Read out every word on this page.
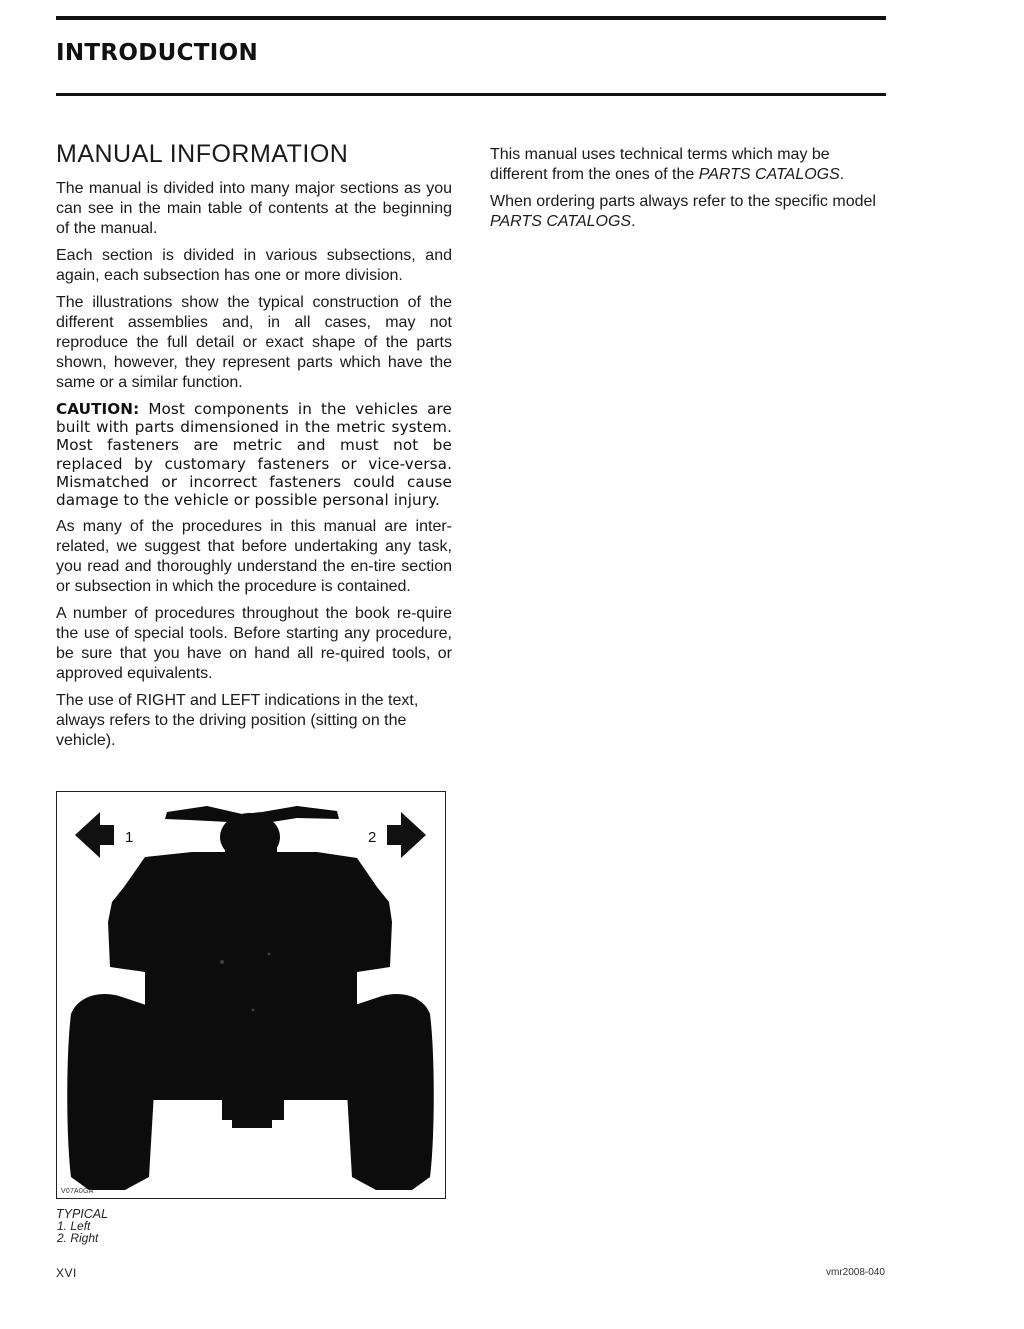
INTRODUCTION
MANUAL INFORMATION

The manual is divided into many major sections as you can see in the main table of contents at the beginning of the manual.

Each section is divided in various subsections, and again, each subsection has one or more division.

The illustrations show the typical construction of the different assemblies and, in all cases, may not reproduce the full detail or exact shape of the parts shown, however, they represent parts which have the same or a similar function.

CAUTION: Most components in the vehicles are built with parts dimensioned in the metric system. Most fasteners are metric and must not be replaced by customary fasteners or vice-versa. Mismatched or incorrect fasteners could cause damage to the vehicle or possible personal injury.

As many of the procedures in this manual are inter-related, we suggest that before undertaking any task, you read and thoroughly understand the en-tire section or subsection in which the procedure is contained.

A number of procedures throughout the book re-quire the use of special tools. Before starting any procedure, be sure that you have on hand all re-quired tools, or approved equivalents.

The use of RIGHT and LEFT indications in the text, always refers to the driving position (sitting on the vehicle).

This manual uses technical terms which may be different from the ones of the PARTS CATALOGS.

When ordering parts always refer to the specific model PARTS CATALOGS.

1	2
V07A0GA
TYPICAL
1. Left
2. Right
XVI	vmr2008-040
